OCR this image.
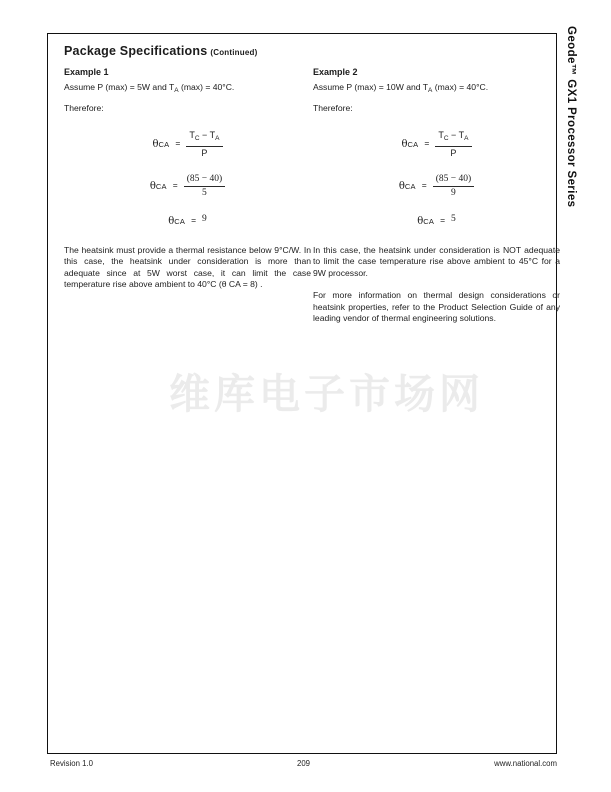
Package Specifications (Continued)
Example 1
Assume P (max) = 5W and $T_A$ (max) = 40°C.
Therefore:
θ CA = $\frac{T_C - T_A}{P}$
θ CA = $\frac{(85 - 40)}{5}$
θ CA = 9

The heatsink must provide a thermal resistance below 9°C/W. In this case, the heatsink under consideration is more than adequate since at 5W worst case, it can limit the case temperature rise above ambient to 40°C (θ CA = 8) .

Example 2
Assume P (max) = 10W and $T_A$ (max) = 40°C.
Therefore:
θ CA = $\frac{T_C - T_A}{P}$
θ CA = $\frac{(85 - 40)}{9}$
θ CA = 5

In this case, the heatsink under consideration is NOT adequate to limit the case temperature rise above ambient to 45°C for a 9W processor.

For more information on thermal design considerations or heatsink properties, refer to the Product Selection Guide of any leading vendor of thermal engineering solutions.

维库电子市场网
Geode™ GX1 Processor Series
Revision 1.0	209	www.national.com
